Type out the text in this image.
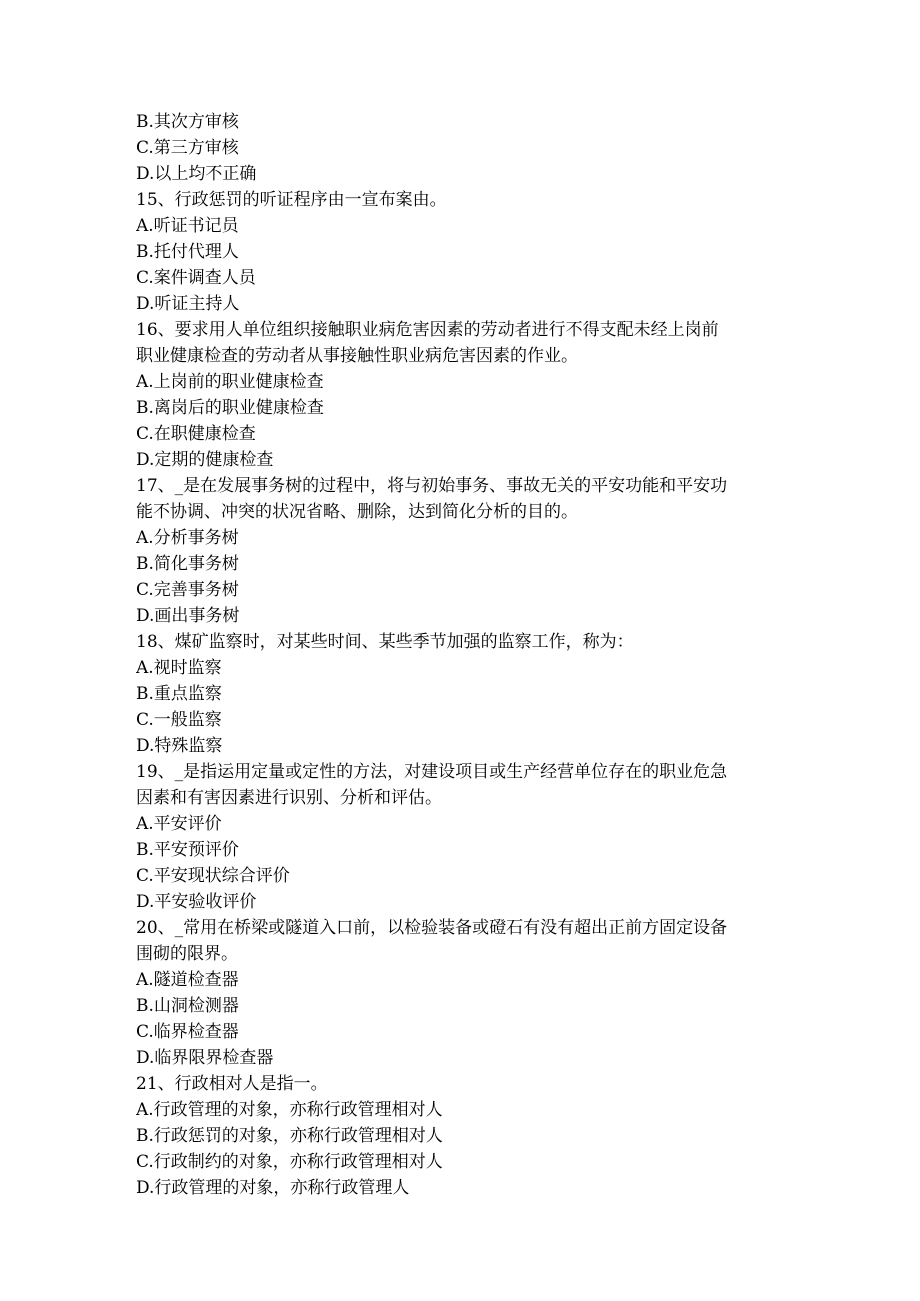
B.其次方审核
C.第三方审核
D.以上均不正确
15、行政惩罚的听证程序由一宣布案由。
A.听证书记员
B.托付代理人
C.案件调查人员
D.听证主持人
16、要求用人单位组织接触职业病危害因素的劳动者进行不得支配未经上岗前
职业健康检查的劳动者从事接触性职业病危害因素的作业。
A.上岗前的职业健康检查
B.离岗后的职业健康检查
C.在职健康检查
D.定期的健康检查
17、_是在发展事务树的过程中，将与初始事务、事故无关的平安功能和平安功
能不协调、冲突的状况省略、删除，达到简化分析的目的。
A.分析事务树
B.简化事务树
C.完善事务树
D.画出事务树
18、煤矿监察时，对某些时间、某些季节加强的监察工作，称为：
A.视时监察
B.重点监察
C.一般监察
D.特殊监察
19、_是指运用定量或定性的方法，对建设项目或生产经营单位存在的职业危急
因素和有害因素进行识别、分析和评估。
A.平安评价
B.平安预评价
C.平安现状综合评价
D.平安验收评价
20、_常用在桥梁或隧道入口前，以检验装备或磴石有没有超出正前方固定设备
围砌的限界。
A.隧道检查器
B.山洞检测器
C.临界检查器
D.临界限界检查器
21、行政相对人是指一。
A.行政管理的对象，亦称行政管理相对人
B.行政惩罚的对象，亦称行政管理相对人
C.行政制约的对象，亦称行政管理相对人
D.行政管理的对象，亦称行政管理人
